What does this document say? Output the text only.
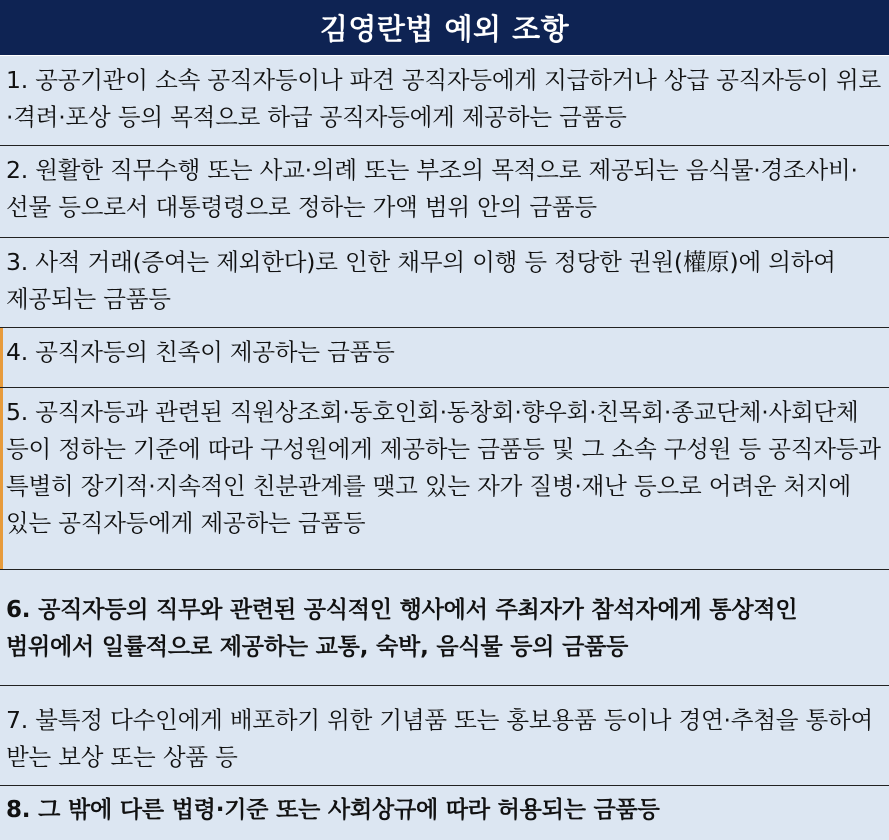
김영란법 예외 조항
1. 공공기관이 소속 공직자등이나 파견 공직자등에게 지급하거나 상급 공직자등이 위로·격려·포상 등의 목적으로 하급 공직자등에게 제공하는 금품등
2. 원활한 직무수행 또는 사교·의례 또는 부조의 목적으로 제공되는 음식물·경조사비·선물 등으로서 대통령령으로 정하는 가액 범위 안의 금품등
3. 사적 거래(증여는 제외한다)로 인한 채무의 이행 등 정당한 권원(權原)에 의하여 제공되는 금품등
4. 공직자등의 친족이 제공하는 금품등
5. 공직자등과 관련된 직원상조회·동호인회·동창회·향우회·친목회·종교단체·사회단체 등이 정하는 기준에 따라 구성원에게 제공하는 금품등 및 그 소속 구성원 등 공직자등과 특별히 장기적·지속적인 친분관계를 맺고 있는 자가 질병·재난 등으로 어려운 처지에 있는 공직자등에게 제공하는 금품등
6. 공직자등의 직무와 관련된 공식적인 행사에서 주최자가 참석자에게 통상적인 범위에서 일률적으로 제공하는 교통, 숙박, 음식물 등의 금품등
7. 불특정 다수인에게 배포하기 위한 기념품 또는 홍보용품 등이나 경연·추첨을 통하여 받는 보상 또는 상품 등
8. 그 밖에 다른 법령·기준 또는 사회상규에 따라 허용되는 금품등
